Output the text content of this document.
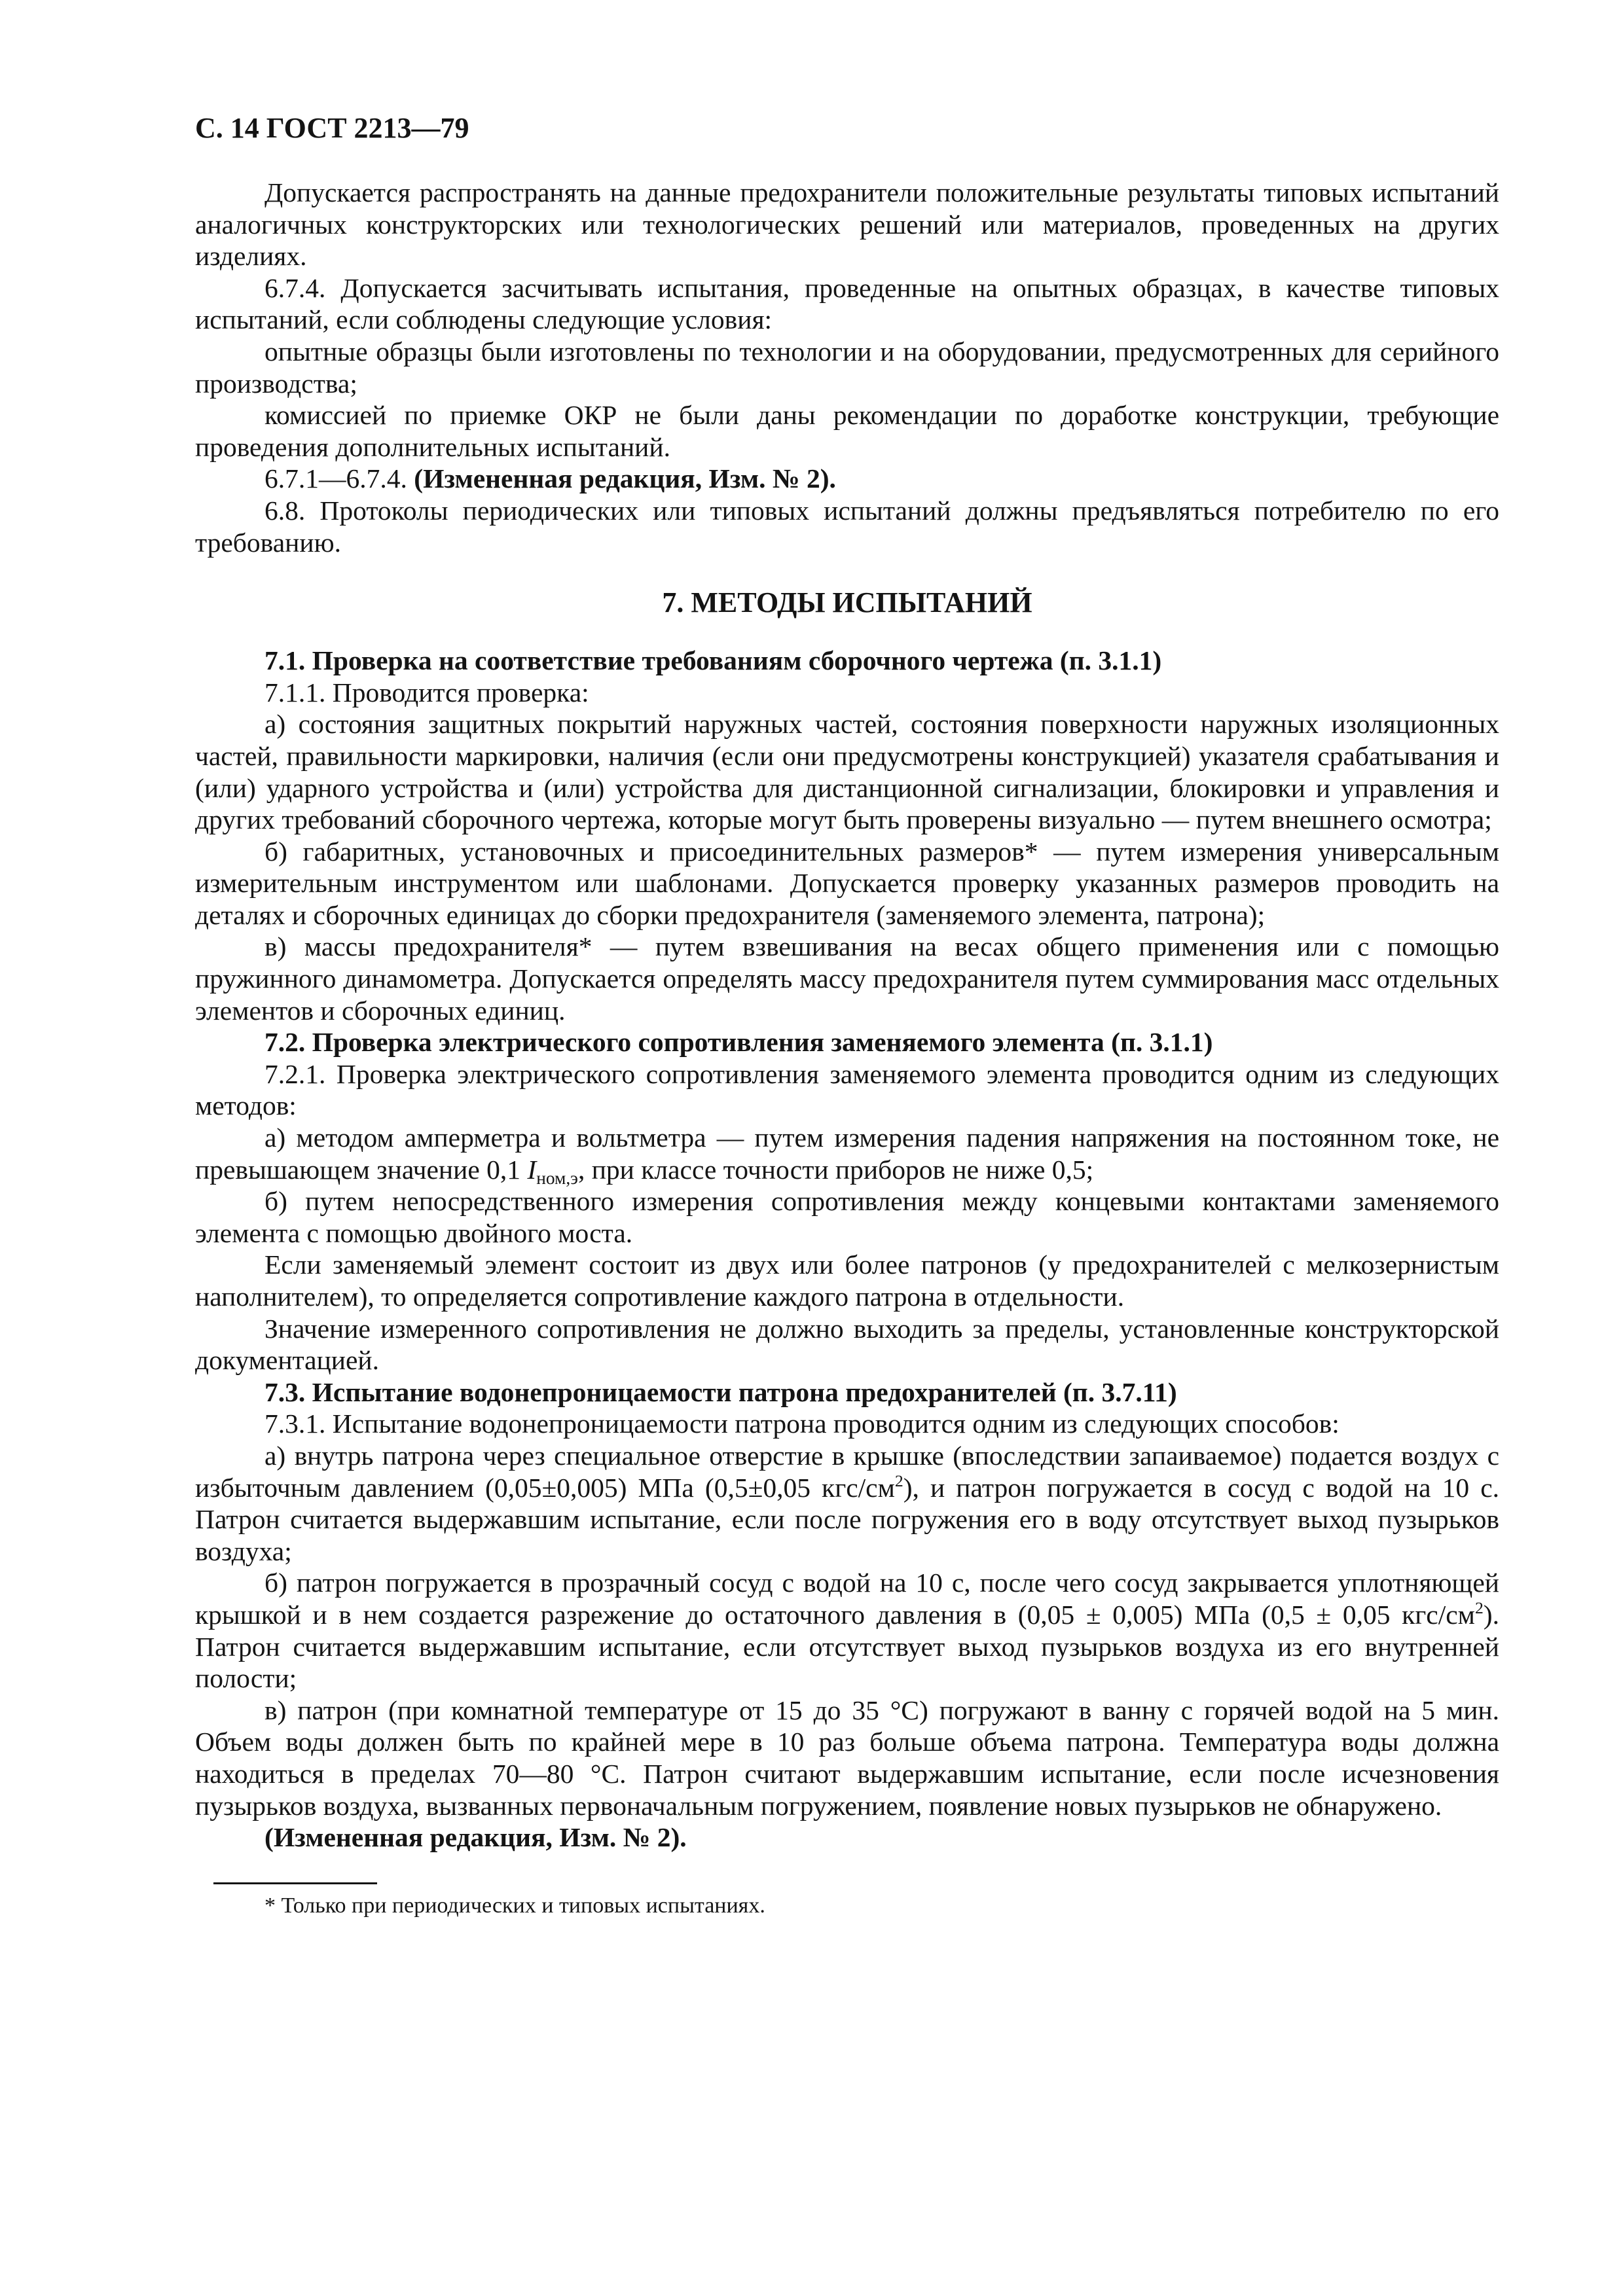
С. 14 ГОСТ 2213—79

Допускается распространять на данные предохранители положительные результаты типовых испытаний аналогичных конструкторских или технологических решений или материалов, проведенных на других изделиях.

6.7.4. Допускается засчитывать испытания, проведенные на опытных образцах, в качестве типовых испытаний, если соблюдены следующие условия:

опытные образцы были изготовлены по технологии и на оборудовании, предусмотренных для серийного производства;

комиссией по приемке ОКР не были даны рекомендации по доработке конструкции, требующие проведения дополнительных испытаний.

6.7.1—6.7.4. (Измененная редакция, Изм. № 2).

6.8. Протоколы периодических или типовых испытаний должны предъявляться потребителю по его требованию.

7. МЕТОДЫ ИСПЫТАНИЙ

7.1. Проверка на соответствие требованиям сборочного чертежа (п. 3.1.1)

7.1.1. Проводится проверка:

а) состояния защитных покрытий наружных частей, состояния поверхности наружных изоляционных частей, правильности маркировки, наличия (если они предусмотрены конструкцией) указателя срабатывания и (или) ударного устройства и (или) устройства для дистанционной сигнализации, блокировки и управления и других требований сборочного чертежа, которые могут быть проверены визуально — путем внешнего осмотра;

б) габаритных, установочных и присоединительных размеров* — путем измерения универсальным измерительным инструментом или шаблонами. Допускается проверку указанных размеров проводить на деталях и сборочных единицах до сборки предохранителя (заменяемого элемента, патрона);

в) массы предохранителя* — путем взвешивания на весах общего применения или с помощью пружинного динамометра. Допускается определять массу предохранителя путем суммирования масс отдельных элементов и сборочных единиц.

7.2. Проверка электрического сопротивления заменяемого элемента (п. 3.1.1)

7.2.1. Проверка электрического сопротивления заменяемого элемента проводится одним из следующих методов:

а) методом амперметра и вольтметра — путем измерения падения напряжения на постоянном токе, не превышающем значение 0,1 $I_{ном,э}$, при классе точности приборов не ниже 0,5;

б) путем непосредственного измерения сопротивления между концевыми контактами заменяемого элемента с помощью двойного моста.

Если заменяемый элемент состоит из двух или более патронов (у предохранителей с мелкозернистым наполнителем), то определяется сопротивление каждого патрона в отдельности.

Значение измеренного сопротивления не должно выходить за пределы, установленные конструкторской документацией.

7.3. Испытание водонепроницаемости патрона предохранителей (п. 3.7.11)

7.3.1. Испытание водонепроницаемости патрона проводится одним из следующих способов:

а) внутрь патрона через специальное отверстие в крышке (впоследствии запаиваемое) подается воздух с избыточным давлением (0,05±0,005) МПа (0,5±0,05 кгс/$см^2$), и патрон погружается в сосуд с водой на 10 с. Патрон считается выдержавшим испытание, если после погружения его в воду отсутствует выход пузырьков воздуха;

б) патрон погружается в прозрачный сосуд с водой на 10 с, после чего сосуд закрывается уплотняющей крышкой и в нем создается разрежение до остаточного давления в (0,05 ± 0,005) МПа (0,5 ± 0,05 кгс/$см^2$). Патрон считается выдержавшим испытание, если отсутствует выход пузырьков воздуха из его внутренней полости;

в) патрон (при комнатной температуре от 15 до 35 °С) погружают в ванну с горячей водой на 5 мин. Объем воды должен быть по крайней мере в 10 раз больше объема патрона. Температура воды должна находиться в пределах 70—80 °С. Патрон считают выдержавшим испытание, если после исчезновения пузырьков воздуха, вызванных первоначальным погружением, появление новых пузырьков не обнаружено.

(Измененная редакция, Изм. № 2).

* Только при периодических и типовых испытаниях.
